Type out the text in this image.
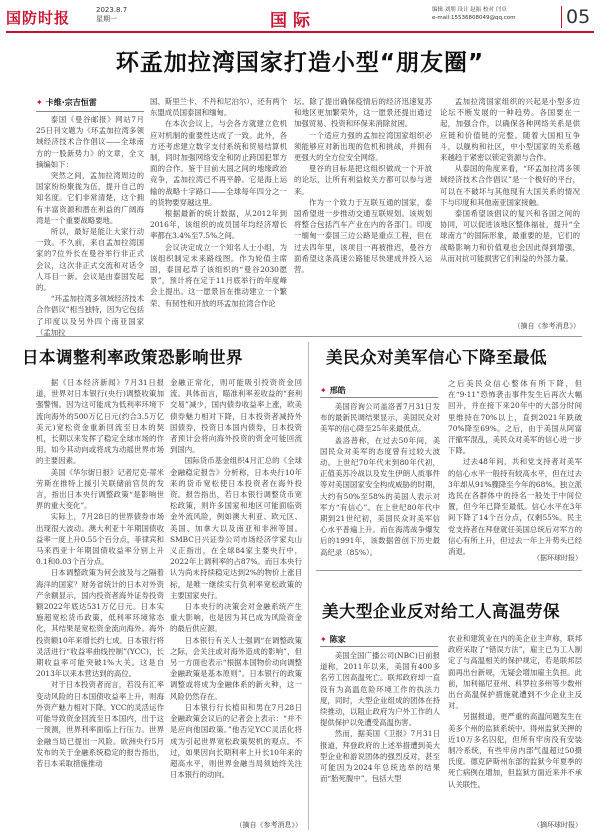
国防时报	2023.8.7
星期一	国际
编辑 刘朋 设计 赵振 校对 闫卓
e-mail:15536808049@qq.com	05
环孟加拉湾国家打造小型“朋友圈”
✦ 卡维·宗吉恒雷

泰国《曼谷邮报》网站7月25日刊文题为《环孟加拉湾多领域经济技术合作倡议——全球南方的一股新势力》的文章，全文摘编如下：

突然之间，孟加拉湾周边的国家纷纷聚拢为伍，提升自己的知名度。它们非常清楚，这个拥有丰富资源和潜在利益的广阔海湾是一个重要战略要地。

所以，最好是能让大家行动一致。不久前，来自孟加拉湾国家的7位外长在曼谷举行非正式会议，这次非正式交流和对话令人耳目一新。会议是由泰国发起的。

“环孟加拉湾多领域经济技术合作倡议”相当独特，因为它包括了印度以及另外四个南亚国家（孟加拉

国、斯里兰卡、不丹和尼泊尔），还有两个东盟成员国泰国和缅甸。

在本次会议上，与会各方就建立危机应对机制的重要性达成了一致。此外，各方还考虑建立数字支付系统和贸易结算机制，同时加强网络安全和防止跨国犯罪方面的合作。鉴于目前大国之间的地缘政治竞争，孟加拉湾已不再平静。它是海上运输的战略十字路口——全球每年四分之一的货物要穿越这里。

根据最新的统计数据，从2012年到2016年，该组织的成员国年均经济增长率都在3.4%至7.5%之间。

会议决定成立一个知名人士小组，为该组织制定未来路线图。作为轮值主席国，泰国起草了该组织的“曼谷2030愿景”，预计将在定于11月底举行的年度峰会上提出。这一愿景旨在推动建立一个繁荣、有韧性和开放的环孟加拉湾合作论

坛。除了提出确保疫情后的经济迅速复苏和地区更加繁荣外，这一愿景还提出通过加强贸易、投资和环保来消除贫困。

一个适应力强的孟加拉湾国家组织必须能够应对新出现的危机和挑战，并拥有更强大的全方位安全网络。

曼谷的目标是把这组织做成一个开放的论坛，让所有利益攸关方都可以参与进来。

作为一个致力于互联互通的国家，泰国希望进一步推动交通互联规划。该规划将整合包括汽车产业在内的各部门。印度一缅甸一泰国三边公路是重点工程，但在过去四年里，该项目一再被推迟，曼谷方面希望这条高速公路能尽快建成并投入运营。

孟加拉湾国家组织的兴起是小型多边论坛不断发展的一种趋势。各国要在一起，加强合作，以确保各种网络关系是供应链和价值链的完整。随着大国相互争斗，以舰构和社区，中小型国家的关系越来越趋于紧密以锁定资源与合作。

从泰国的角度来看，“环孟加拉湾多领域经济技术合作倡议”是一个极好的平台，可以在不破坏与其他现有大国关系的情况下与印度和其他南亚国家接触。

泰国希望该倡议的复兴和各国之间的协同，可以促进该地区整体福祉，提升“全球南方”的国际形象，最重要的是，它们的战略影响力和价值观也会因此得到增强，从而对抗可能损害它们利益的外部力量。

（摘自《参考消息》）
日本调整利率政策恐影响世界

据《日本经济新闻》7月31日报道，世界对日本银行(央行)调整收策加强警惕。因为这可能成为低利率环境下流向海外的500万亿日元(约合3.5万亿美元)宽松资金重新回流至日本的契机，长期以来发挥了稳定全球市场的作用。如今其动向或将成为动摇世界市场的主要因素。

美国《华尔街日报》记者尼克·蒂米劳斯在推特上援引关联储前官员的发言，指出日本央行调整政策“是影响世界的重大变化”。

实际上，7月28日的世界债券市场出现很大波动。澳大利亚十年期国债收益率一度上升0.55个百分点，菲律宾和马来西亚十年期国债收益率分别上升0.1和0.03个百分点。

日本调整政策为何会波及与之隔着海洋的国家？财务省统计的日本对外资产余额显示，国内投资者海外证券投资额2022年底达531万亿日元。日本实施超宽松货币政策，低利率环境常态化，其结果是宽松资金流向海外。海外投资额10年来增长约七成。日本银行将灵活进行“收益率曲线控制”(YCC)，长期收益率可能突破1%大关。这是自2013年以来本营达到的高位。

对于日本投资者而言，若没有汇率变动风险的日本国债收益率上升，则海外资产魅力相对下降。YCC的灵活运作可能导致资金回流至日本国内，出于这一预测，世界利率面临上行压力。世界金融当局已提出一风险。欧洲央行5月发布的关于金融系统稳定的报告指出，若日本采取措施推动

金融正常化，则可能吸引投资资金回流。具体而言，瞄准利率差收益的“套利交易”减少，国内债券收益率上涨，欧美债券魅力相对下降，日本投资者减持外国债券，投资日本国内债券，日本投资者预计会将向海外投资的资金可能回流到国内。

国际货币基金组织4月汇总的《全球金融稳定报告》分析称，日本央行10年来的货币宽松使日本投资者在海外投资。报告指出，若日本银行调整货币宽松政策，则许多国家和地区可能面临资金外流风险，例如澳大利亚、欧元区、美国、加拿大以及南亚和非洲等国。SMBC日兴证券公司市场经济学家丸山义正指出，在全球84家主要央行中，2022年上调利率的占87%。而日本央行认为尚未持续稳定达到2%的物价上涨目标，是唯一继续实行负利率宽松政策的主要国家央行。

日本央行的决策会对金融系统产生重大影响，也是因为其已成为风险资金的最后供应源。

日本银行有关人士强调“在调整政策之际，会关注或对海外造成的影响”，但另一方面也表示“根据本国物价动向调整金融政策是基本原则”。日本银行的政策调整或将成为金融体系的新火种，这一风险仍然存在。

日本银行行长植田和男在7月28日金融政策会议后的记者会上表示：“并不是应向他国政策。”他否定YCC灵活化将成为引起世界宽松政策契机的观点。不过，如果因向长期利率上升长10年来的超高水平，则世界金融当局须始终关注日本银行的动向。

（摘自《参考消息》）
美民众对美军信心下降至最低
✦ 邢皓

美国咨询公司盖洛普7月31日发布的最新民调结果显示，美国民众对美军的信心降至25年来最低点。

盖洛普称，在过去50年间，美国民众对美军的态度曾有过较大波动。上世纪70年代末到80年代初，正值美苏冷战以及发生伊朗人质事件等对美国国家安全构成威胁的时期，大约有50%至58%的美国人表示对军方“有信心”。在上世纪80年代中期到21世纪初，美国民众对美军信心水平普遍上升。而在海湾战争爆发后的1991年，该数据曾创下历史最高纪录（85%）。

之后美民众信心整体有所下降，但在“9·11”恐怖袭击事件发生后再次大幅回升，并在接下来20年中的大部分时间里维持在70%以上，直到2021年跌破70%降至69%。之后，由于美国从阿富汗撤军混乱，美民众对美军的信心进一步下降。

过去48年间，共和党支持者对美军的信心水平一般持有较高水平，但在过去3年却从91%骤降至今年的68%。独立派选民在各群体中的持名一般处于中间位置，但今年已降至最低。信心水平在3年间下降了14个百分点，仅剩55%。民主党支持者在拜登就任美国总统后对军方的信心有所上升，但过去一年上升势头已经消退。

（据环球时报）
美大型企业反对给工人高温劳保
✦ 陈家

美国全国广播公司(NBC)日前报道称，2011年以来，美国有400多名劳工因高温死亡。联邦政府却一直没有为高温危险环境工作的执法力度，同时，大型企业组成的团体在持续推动，以阻止政府为户外工作的人提供保护以免遭受高温伤害。

然而，据美国《卫报》7月31日报道，拜登政府的上述举措遭到美大型企业和游说团体的强烈反对，甚至可能因为2024年总统选举的结果而“胎死腹中”。包括大型

农业和建筑业在内的美企业主声称，联邦政府采取了“错误方法”，雇主已为工人制定了与高温相关的保护规定，若是联邦层面再出台新规，无疑会增加雇主负担。此前，加利福尼亚州、科罗拉多州等少数州出台高温保护措施就遭到不少企业主反对。

另据报道，更严重的高温问题发生在美多个州的监狱系统中。得州监狱关押的近10万多名囚犯，但所有牢房没有安装制冷系统，有些牢房内部气温超过50摄氏度。德克萨斯州东部的监狱今年夏季的死亡病例在增加，但监狱方面近来并不承认关联性。

（摘环球时报）
